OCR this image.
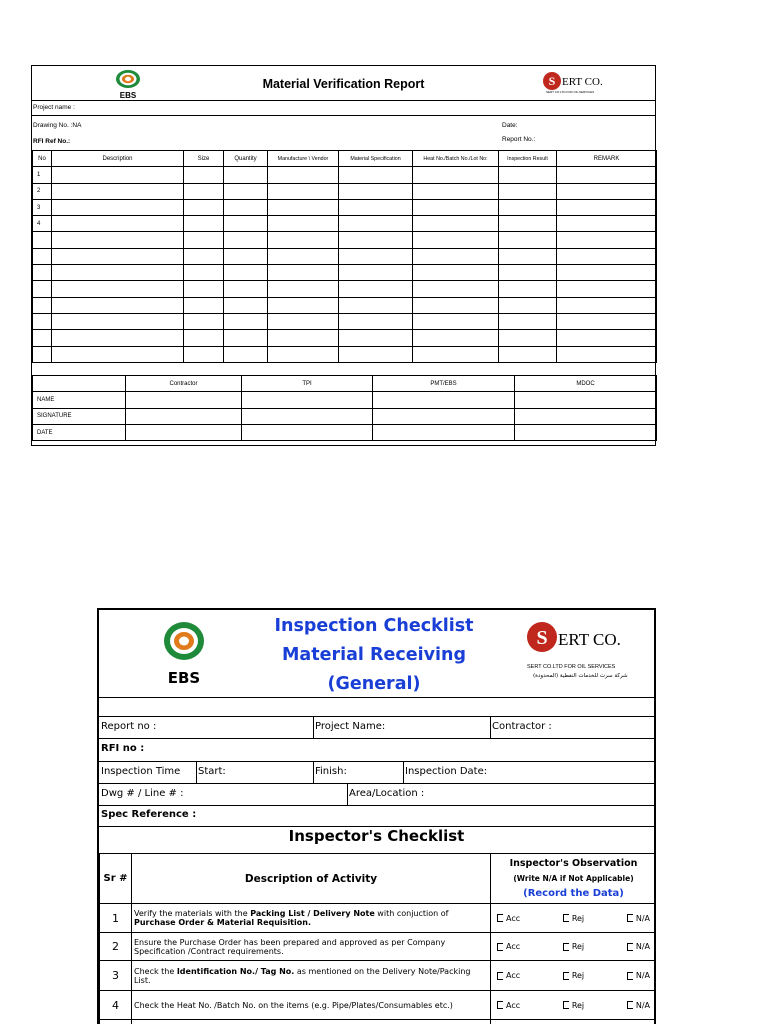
EBS
Material Verification Report	S ERT CO.
SERT CO.LTD FOR OIL SERVICES
Project name :
Drawing No. :NA	Date:
RFI Ref No.:	Report No.:
No	Description	Size	Quantity	Manufacture \ Vendor	Material Specification	Heat No./Batch No./Lot No:	Inspection Result	REMARK
1								
2								
3								
4								

	Contractor	TPI	PMT/EBS	MDOC
NAME				
SIGNATURE				
DATE				
EBS
Inspection Checklist
Material Receiving
(General)
S ERT CO.
SERT CO.LTD FOR OIL SERVICES
شركة سرت للخدمات النفطية (المحدودة)
Report no :	Project Name:	Contractor :
RFI no :
Inspection Time Start:	Finish:	Inspection Date:
Dwg # / Line # :	Area/Location :
Spec Reference :
Inspector's Checklist
Sr #	Description of Activity	Inspector's Observation
(Write N/A if Not Applicable)
(Record the Data)

1	Verify the materials with the Packing List / Delivery Note with conjuction of Purchase Order & Material Requisition.	Acc Rej N/A

2	Ensure the Purchase Order has been prepared and approved as per Company Specification /Contract requirements.	Acc Rej N/A

3	Check the Identification No./ Tag No. as mentioned on the Delivery Note/Packing List.	Acc Rej N/A

4	Check the Heat No. /Batch No. on the items (e.g. Pipe/Plates/Consumables etc.)	Acc Rej N/A
